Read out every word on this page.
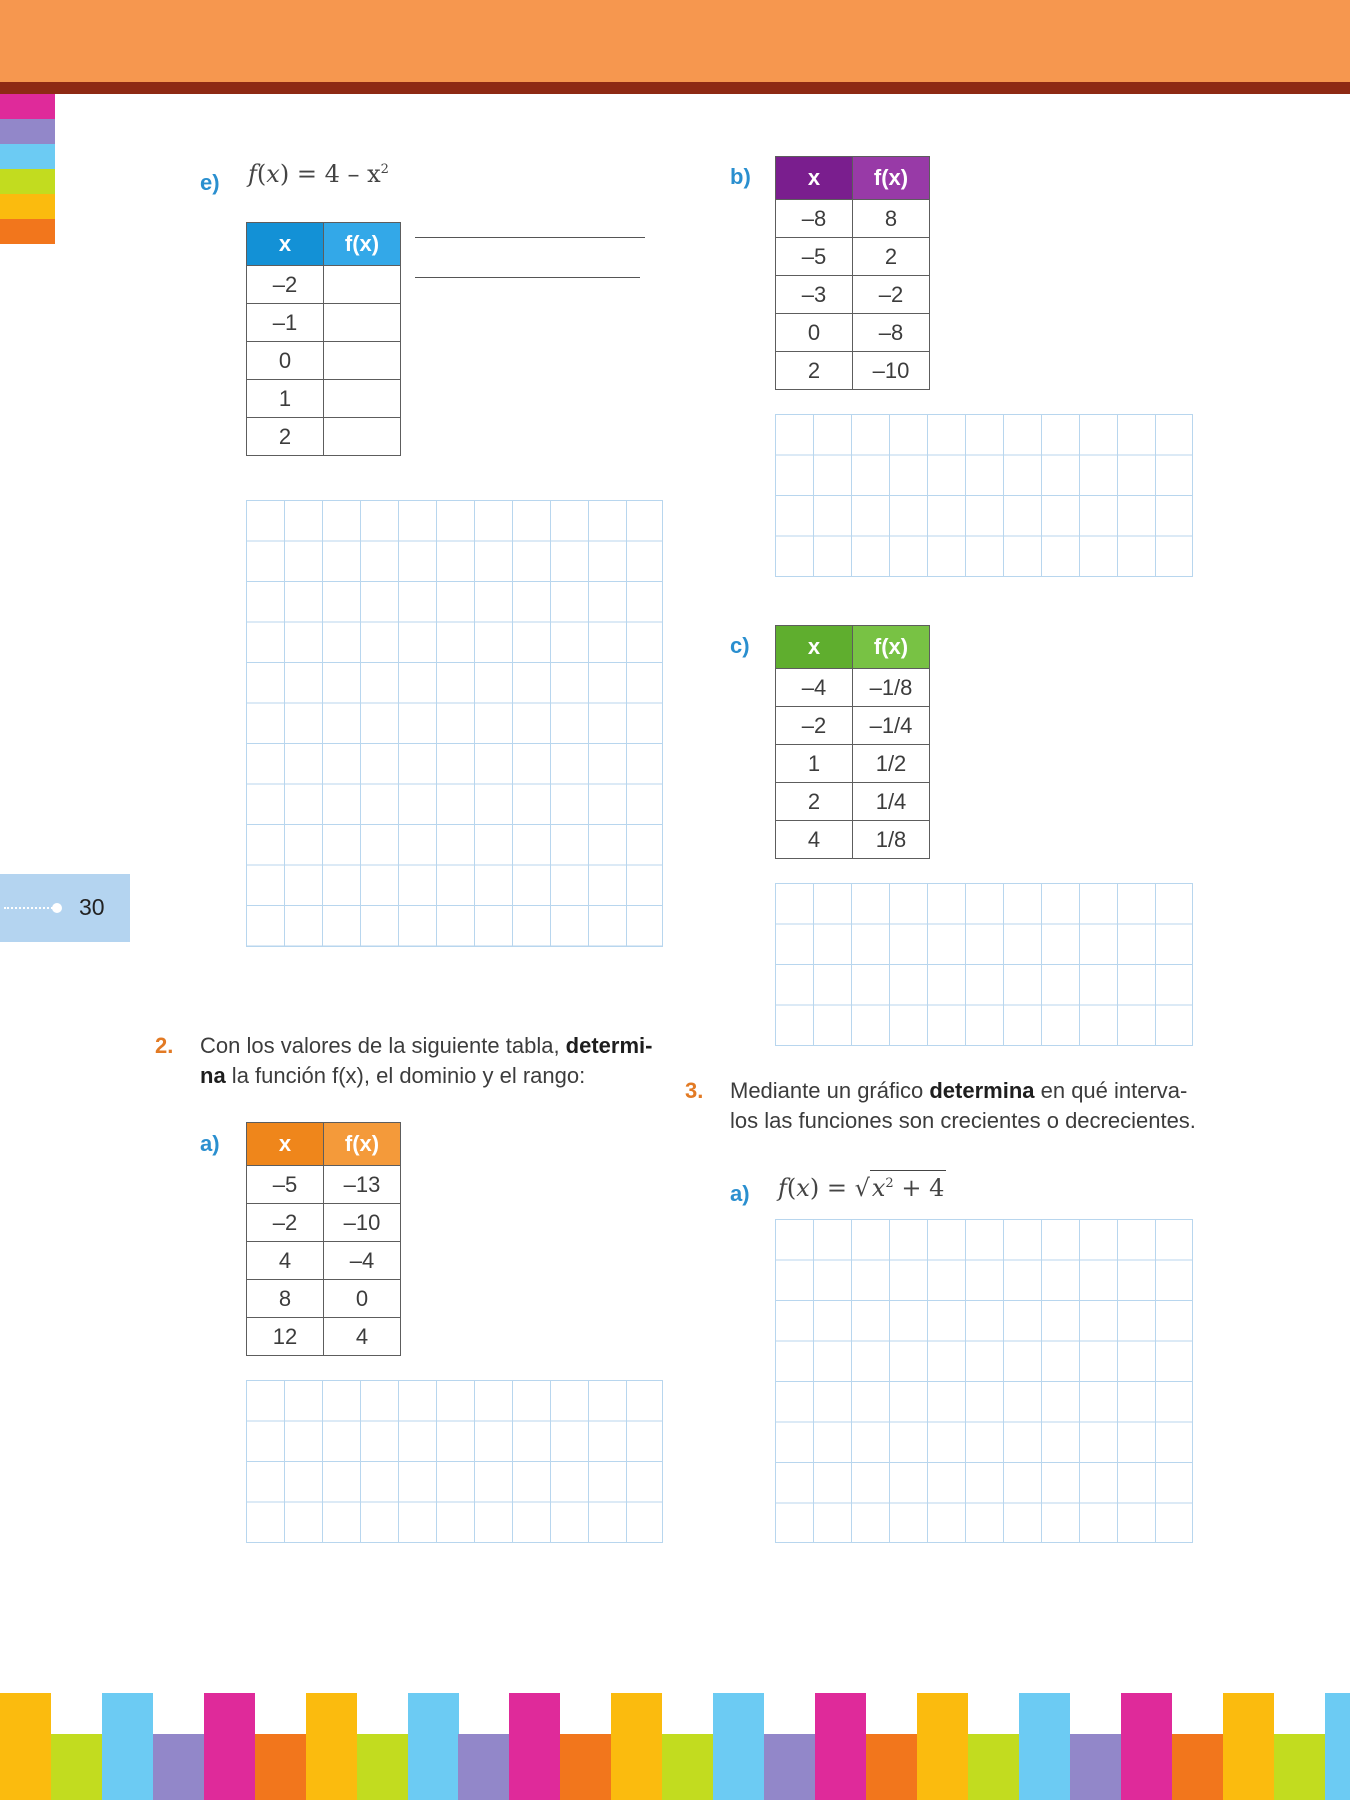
30
e) $f(x) = 4 - x^2$
x	f(x)
–2	
–1	
0	
1	
2	
b)	x	f(x)
–8	8
–5	2
–3	–2
0	–8
2	–10
c)	x	f(x)
–4	–1/8
–2	–1/4
1	1/2
2	1/4
4	1/8
2. Con los valores de la siguiente tabla, determi-
na la función f(x), el dominio y el rango:
a)	x	f(x)
–5	–13
–2	–10
4	–4
8	0
12	4
3. Mediante un gráfico determina en qué interva-
los las funciones son crecientes o decrecientes.
a) $f(x) = √x^2 + 4$
